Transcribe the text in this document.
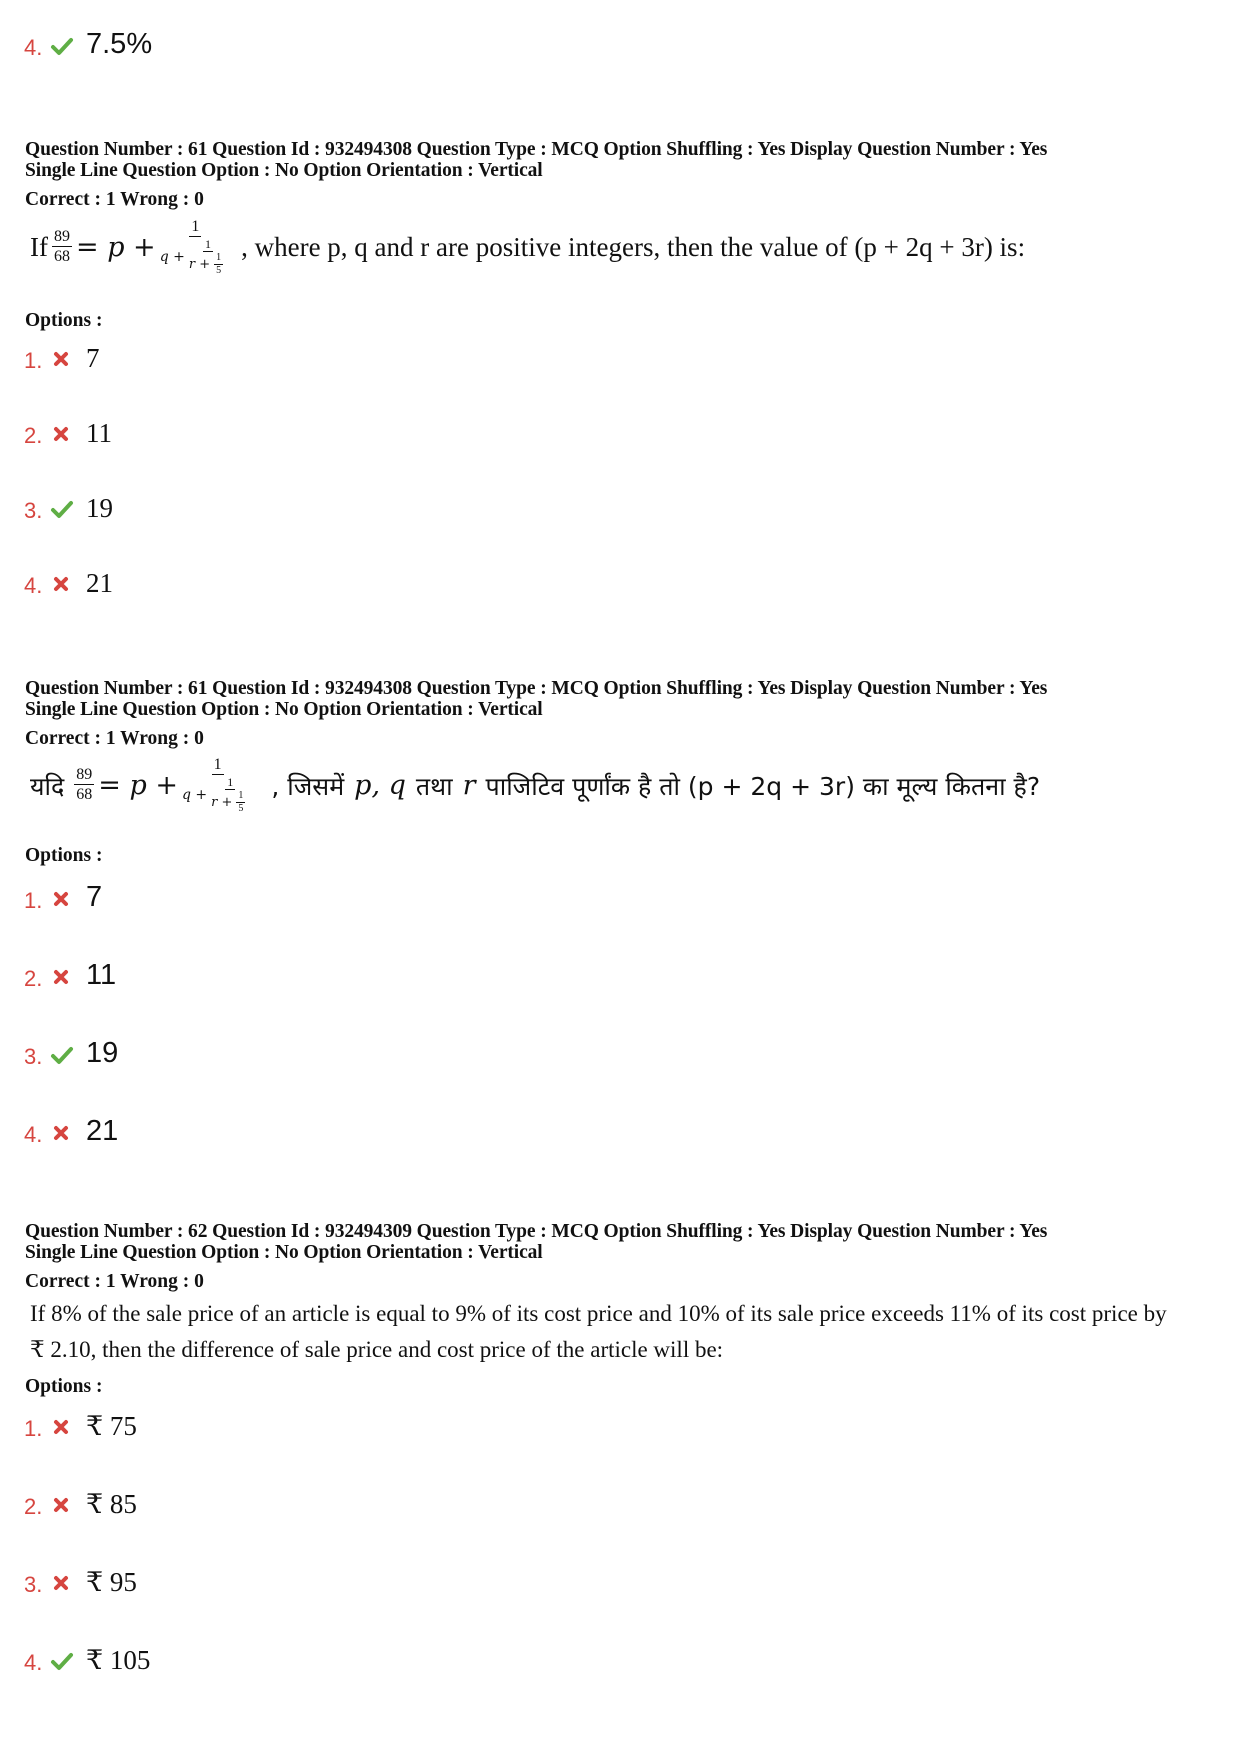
4. 7.5%
Question Number : 61 Question Id : 932494308 Question Type : MCQ Option Shuffling : Yes Display Question Number : Yes
Single Line Question Option : No Option Orientation : Vertical
Correct : 1 Wrong : 0
If $\frac{89}{68} = p$ +
1
$q + \frac{1}{r + \frac{1}{5}}$ , where p, q and r are positive integers, then the value of (p + 2q + 3r) is:
Options :
1. 7
2. 11
3. 19
4. 21
Question Number : 61 Question Id : 932494308 Question Type : MCQ Option Shuffling : Yes Display Question Number : Yes
Single Line Question Option : No Option Orientation : Vertical
Correct : 1 Wrong : 0
यदि $\frac{89}{68} = p$ +
1
$q + \frac{1}{r + \frac{1}{5}}$ , जिसमें p, q तथा r पाजिटिव पूर्णांक है तो (p + 2q + 3r) का मूल्य कितना है?
Options :
1. 7
2. 11
3. 19
4. 21
Question Number : 62 Question Id : 932494309 Question Type : MCQ Option Shuffling : Yes Display Question Number : Yes
Single Line Question Option : No Option Orientation : Vertical
Correct : 1 Wrong : 0
If 8% of the sale price of an article is equal to 9% of its cost price and 10% of its sale price exceeds 11% of its cost price by
₹ 2.10, then the difference of sale price and cost price of the article will be:
Options :
1. ₹ 75
2. ₹ 85
3. ₹ 95
4. ₹ 105
